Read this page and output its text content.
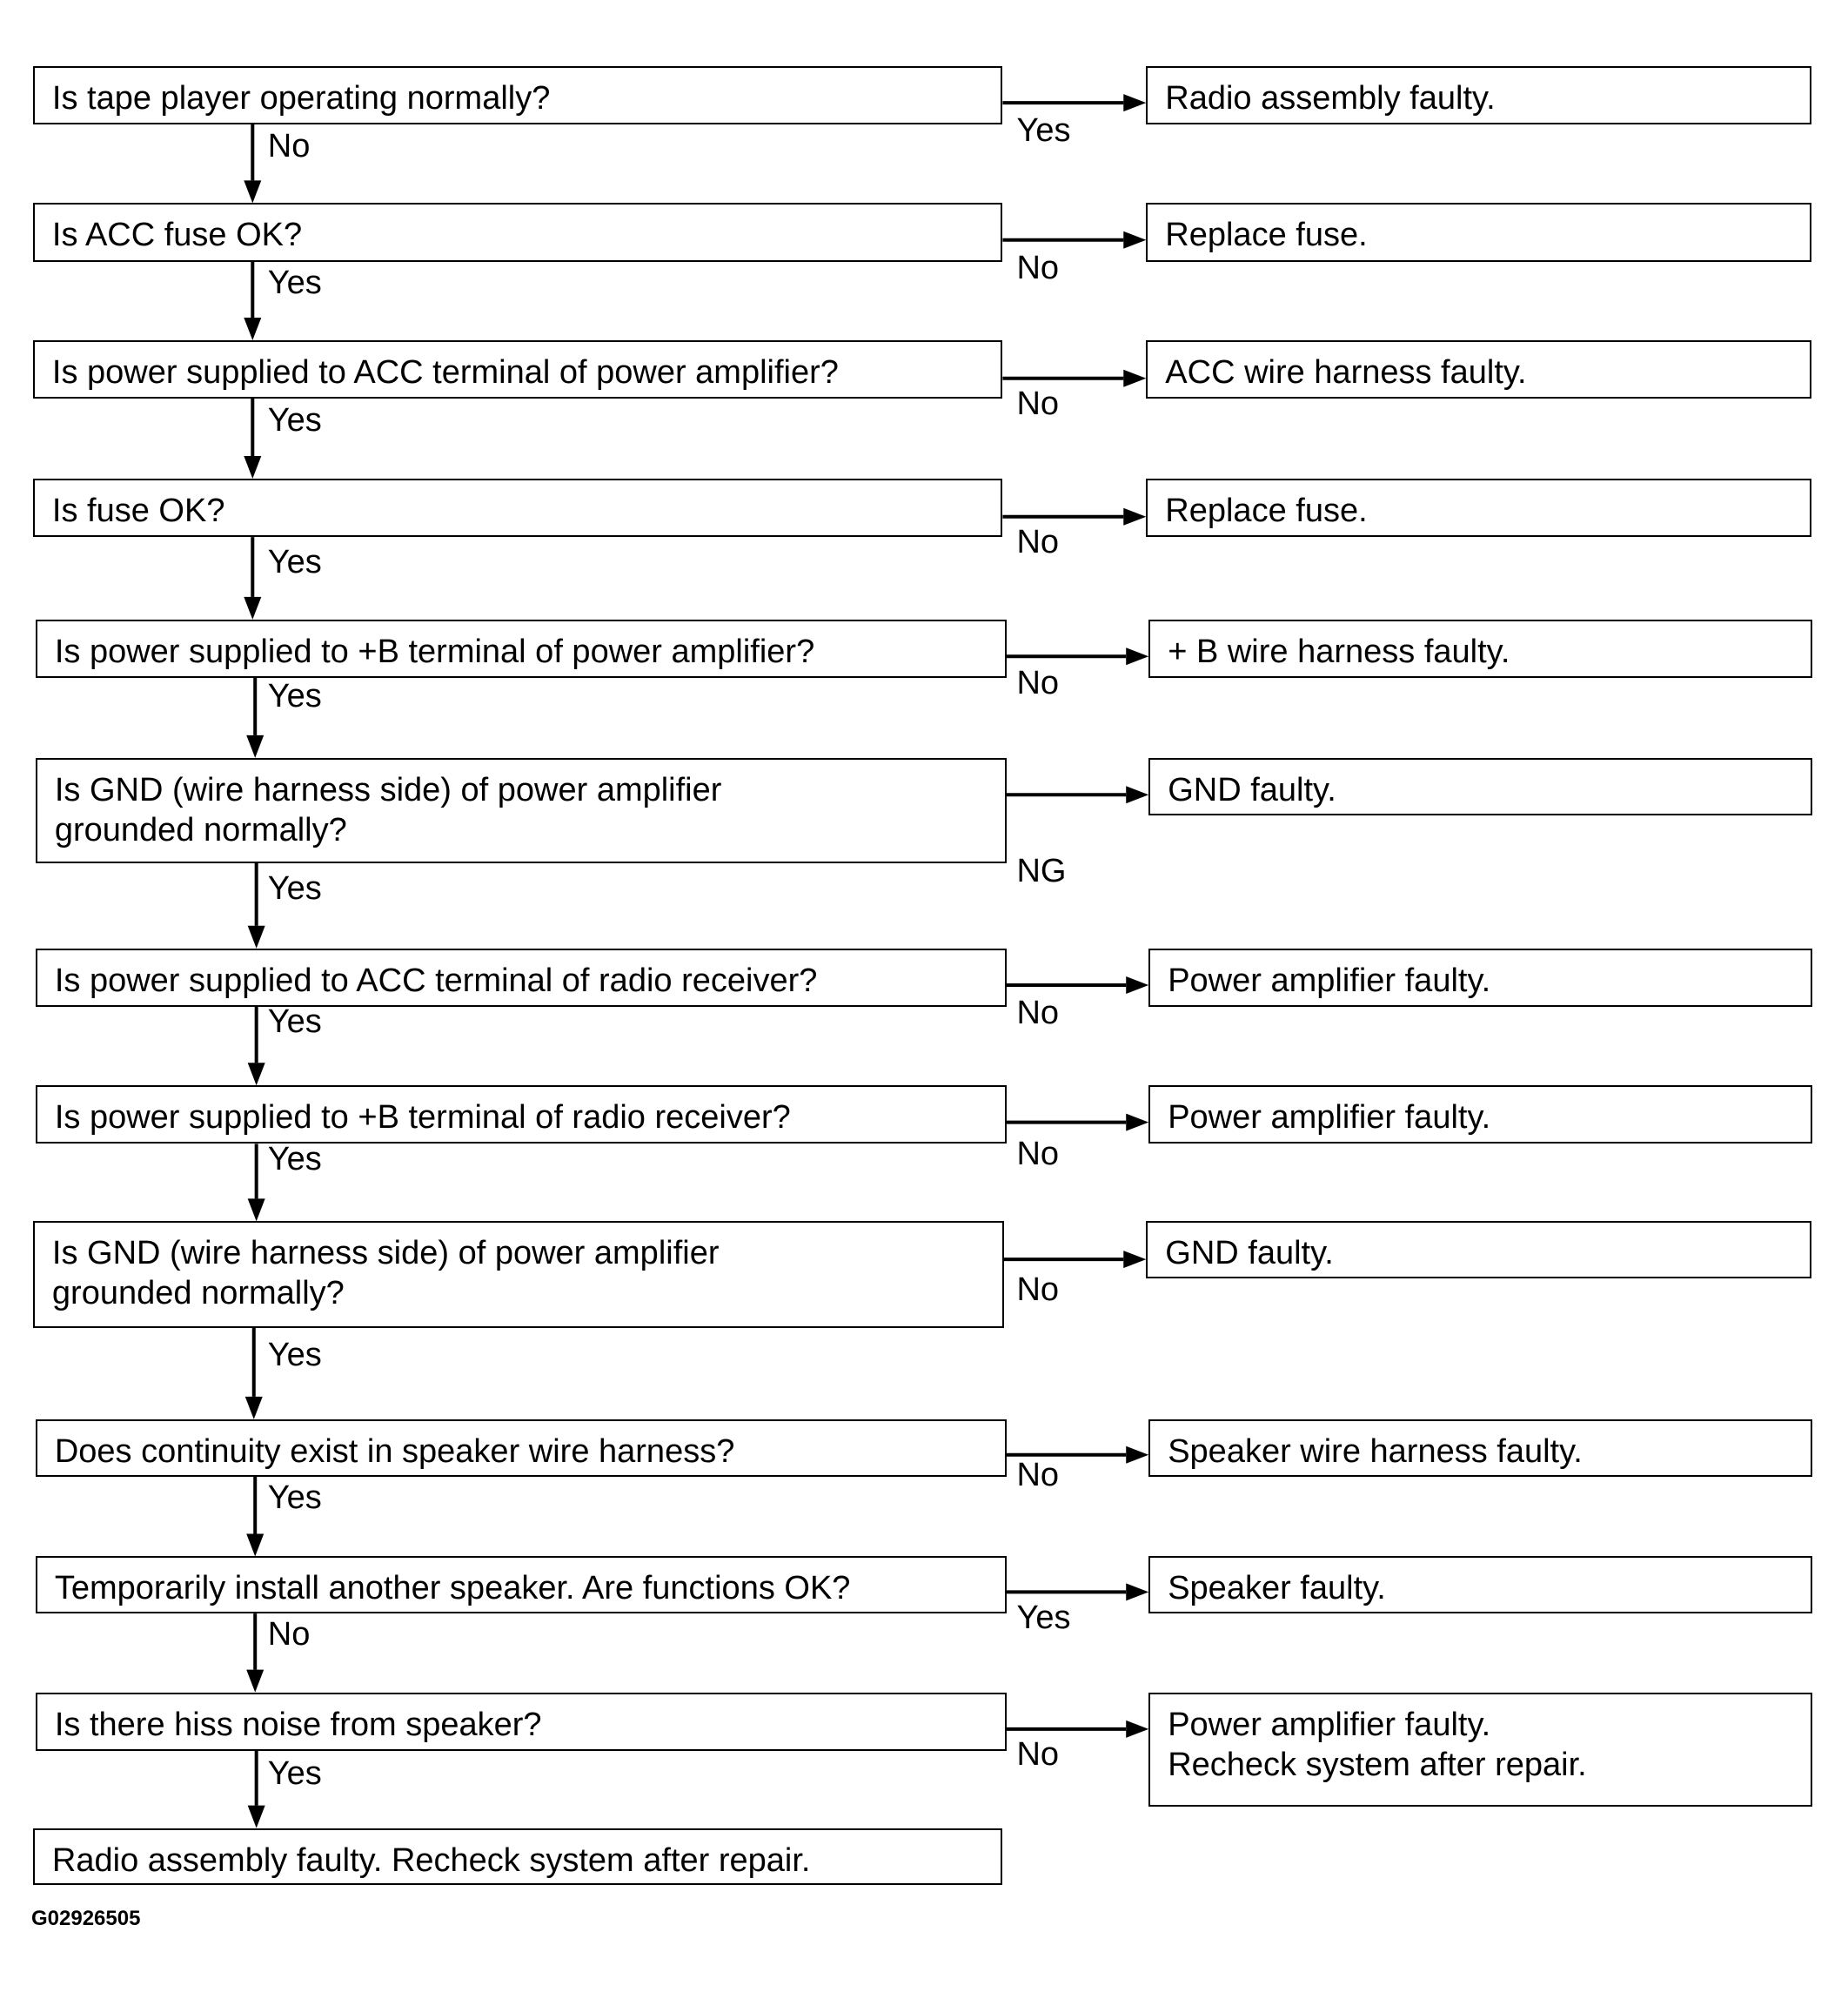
G02926505
Is tape player operating normally?	Radio assembly faulty.
Yes
No
Is ACC fuse OK?	Replace fuse.
No
Yes
Is power supplied to ACC terminal of power amplifier?	ACC wire harness faulty.
No
Yes
Is fuse OK?	Replace fuse.
No
Yes
Is power supplied to +B terminal of power amplifier?	+ B wire harness faulty.
No
Yes
Is GND (wire harness side) of power amplifier
grounded normally?
GND faulty.
NG
Yes
Is power supplied to ACC terminal of radio receiver?	Power amplifier faulty.
No
Yes
Is power supplied to +B terminal of radio receiver?	Power amplifier faulty.
No
Yes
Is GND (wire harness side) of power amplifier
grounded normally?
GND faulty.
No
Yes
Does continuity exist in speaker wire harness?	Speaker wire harness faulty.
No
Yes
Temporarily install another speaker. Are functions OK?	Speaker faulty.
Yes
No
Is there hiss noise from speaker?	Power amplifier faulty.
Recheck system after repair.
No
Yes
Radio assembly faulty. Recheck system after repair.
